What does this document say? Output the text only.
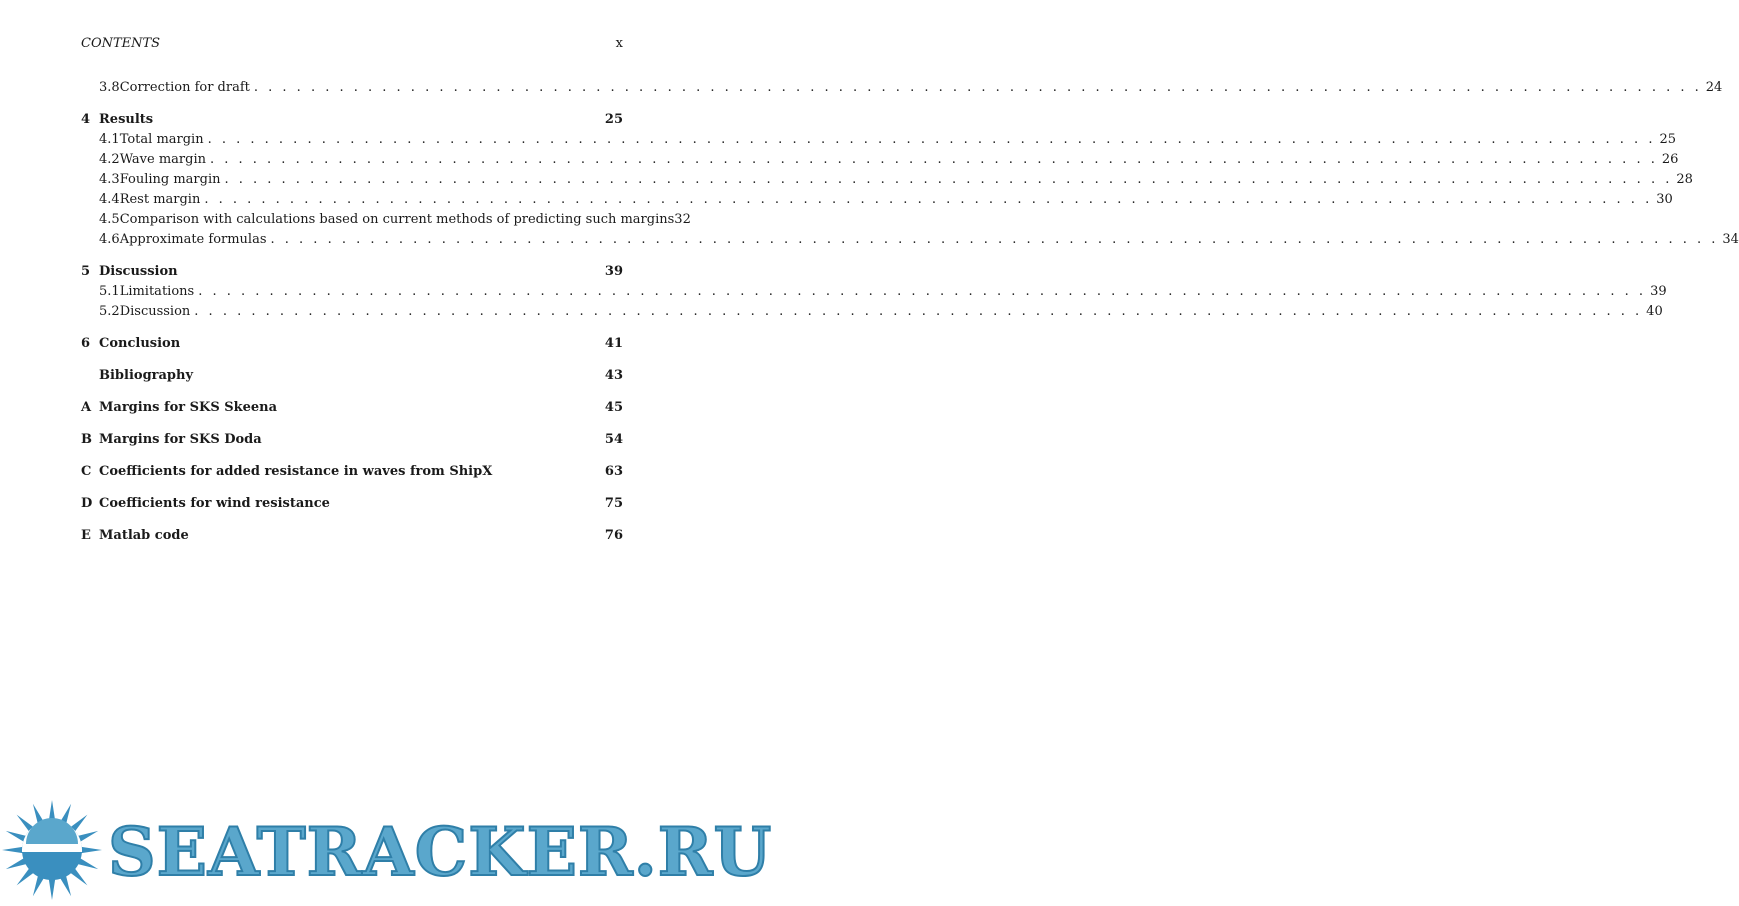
CONTENTS	x
3.8 Correction for draft . . .	24
4 Results	25
4.1 Total margin . . .	25
4.2 Wave margin . . .	26
4.3 Fouling margin . . .	28
4.4 Rest margin . . .	30
4.5 Comparison with calculations based on current methods of predicting such margins 32
4.6 Approximate formulas . . .	34
5 Discussion	39
5.1 Limitations . . .	39
5.2 Discussion . . .	40
6 Conclusion	41
Bibliography	43
A Margins for SKS Skeena	45
B Margins for SKS Doda	54
C Coefficients for added resistance in waves from ShipX	63
D Coefficients for wind resistance	75
E Matlab code	76
SEATRACKER.RU
